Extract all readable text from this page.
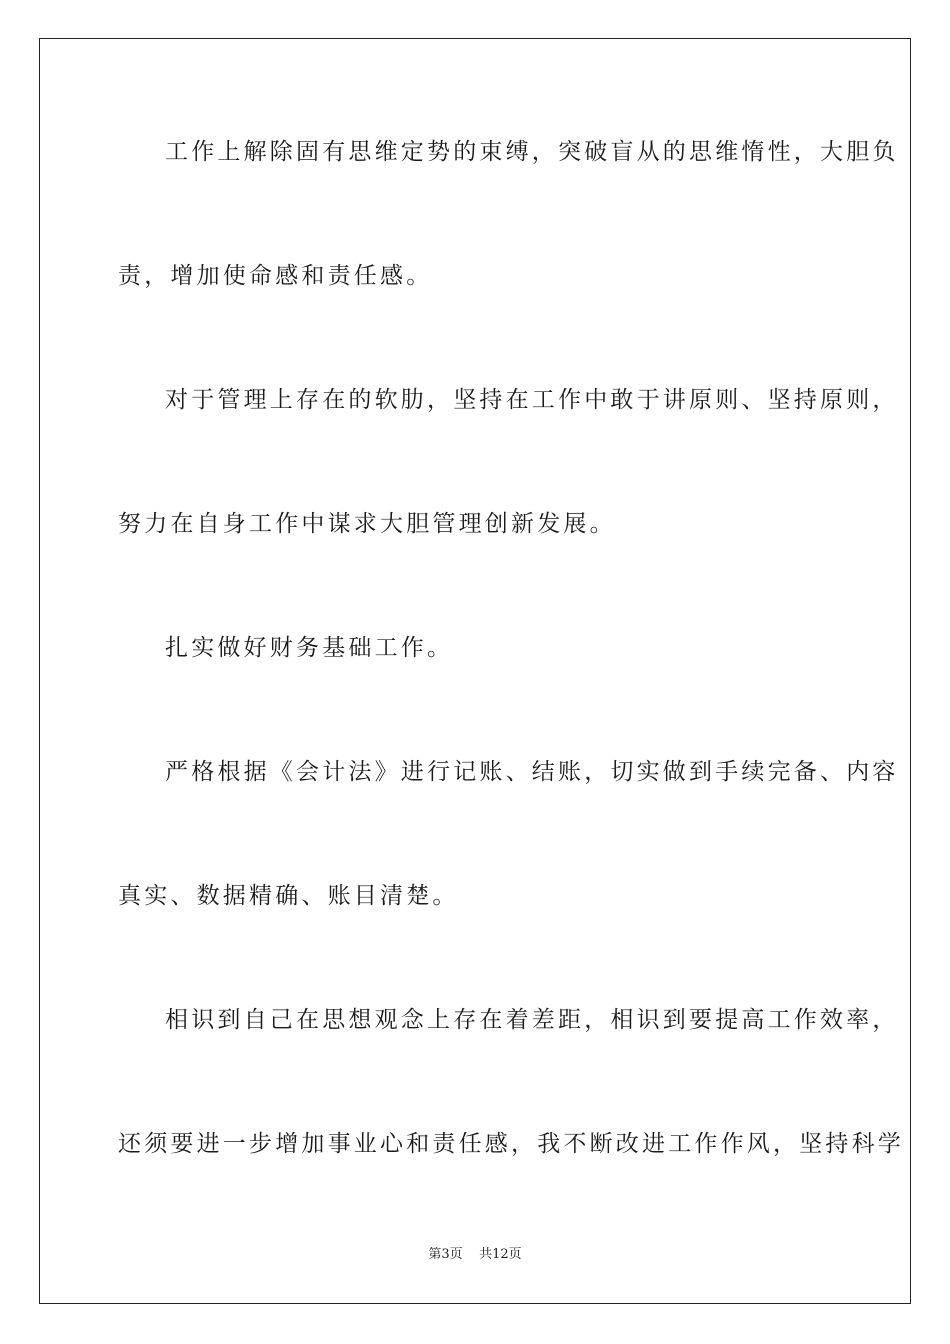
工作上解除固有思维定势的束缚，突破盲从的思维惰性，大胆负
责，增加使命感和责任感。
对于管理上存在的软肋，坚持在工作中敢于讲原则、坚持原则，
努力在自身工作中谋求大胆管理创新发展。
扎实做好财务基础工作。
严格根据《会计法》进行记账、结账，切实做到手续完备、内容
真实、数据精确、账目清楚。
相识到自己在思想观念上存在着差距，相识到要提高工作效率，
还须要进一步增加事业心和责任感，我不断改进工作作风，坚持科学
第3页    共12页
